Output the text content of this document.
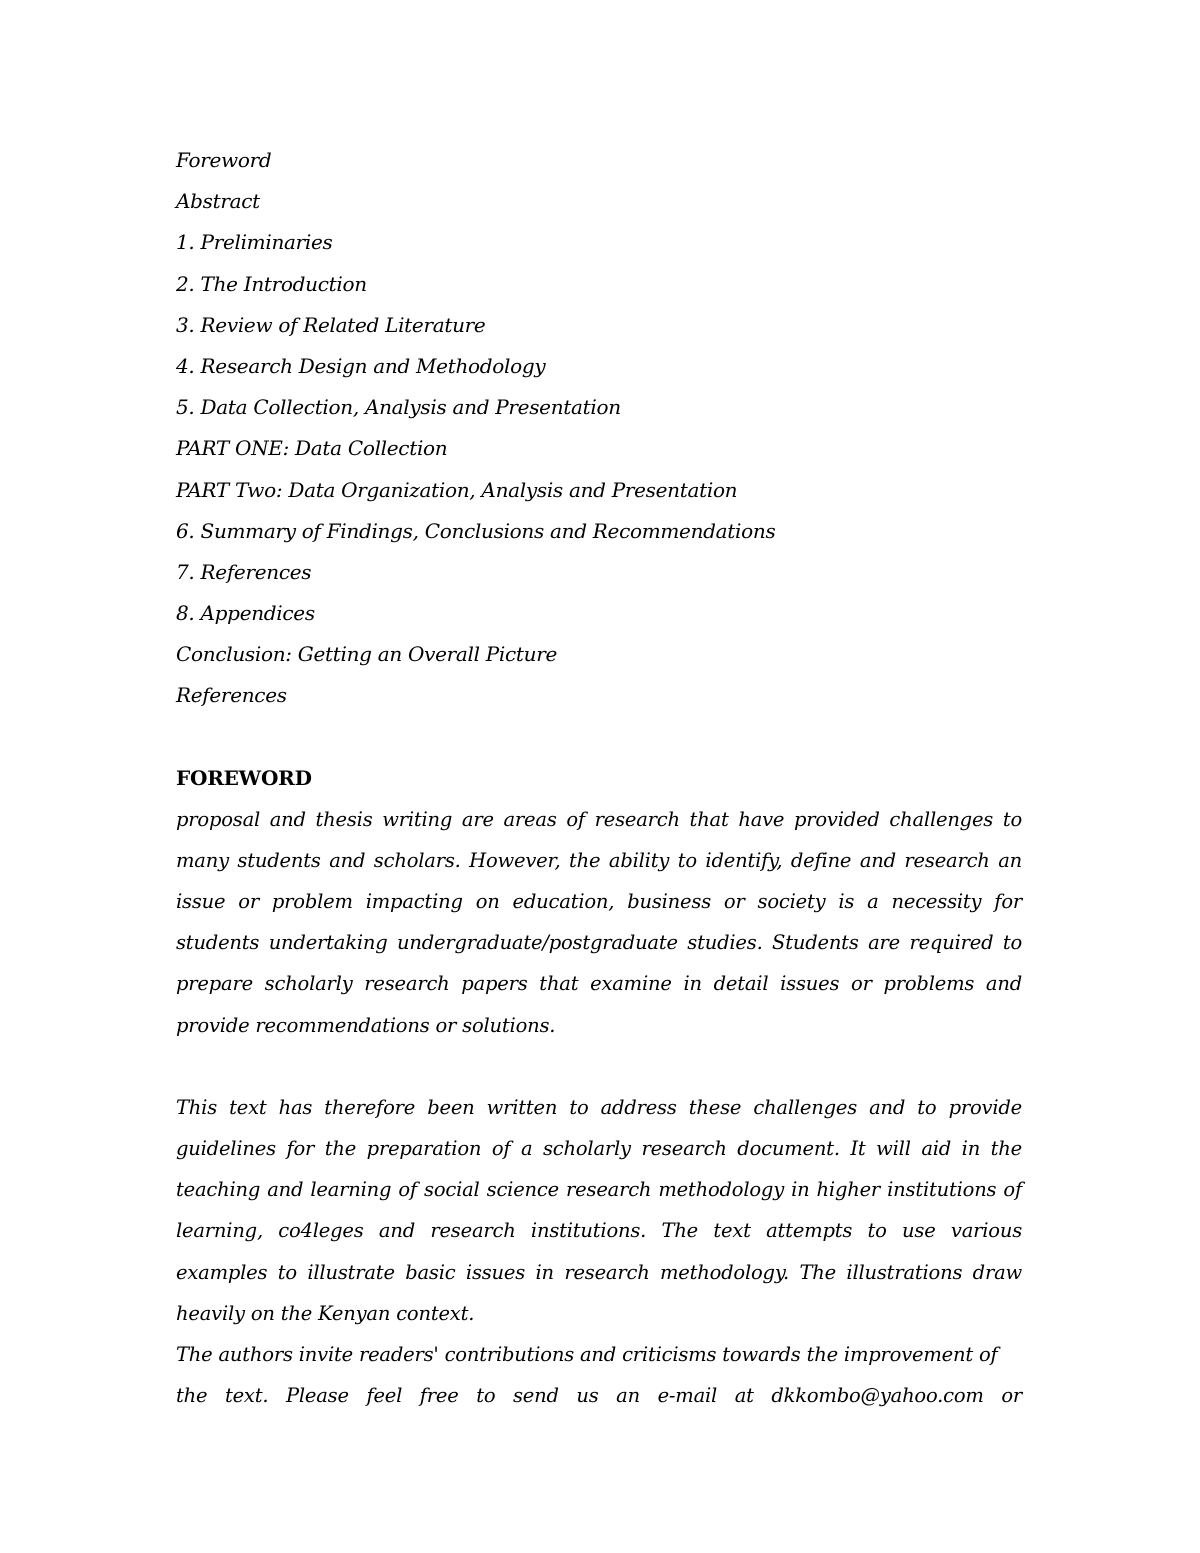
Foreword
Abstract
1. Preliminaries
2. The Introduction
3. Review of Related Literature
4. Research Design and Methodology
5. Data Collection, Analysis and Presentation
PART ONE: Data Collection
PART Two: Data Organization, Analysis and Presentation
6. Summary of Findings, Conclusions and Recommendations
7. References
8. Appendices
Conclusion: Getting an Overall Picture
References
FOREWORD

proposal and thesis writing are areas of research that have provided challenges to many students and scholars. However, the ability to identify, define and research an issue or problem impacting on education, business or society is a necessity for students undertaking undergraduate/postgraduate studies. Students are required to prepare scholarly research papers that examine in detail issues or problems and provide recommendations or solutions.

This text has therefore been written to address these challenges and to provide guidelines for the preparation of a scholarly research document. It will aid in the teaching and learning of social science research methodology in higher institutions of learning, co4leges and research institutions. The text attempts to use various examples to illustrate basic issues in research methodology. The illustrations draw heavily on the Kenyan context.

The authors invite readers' contributions and criticisms towards the improvement of
the text. Please feel free to send us an e-mail at dkkombo@yahoo.com or
